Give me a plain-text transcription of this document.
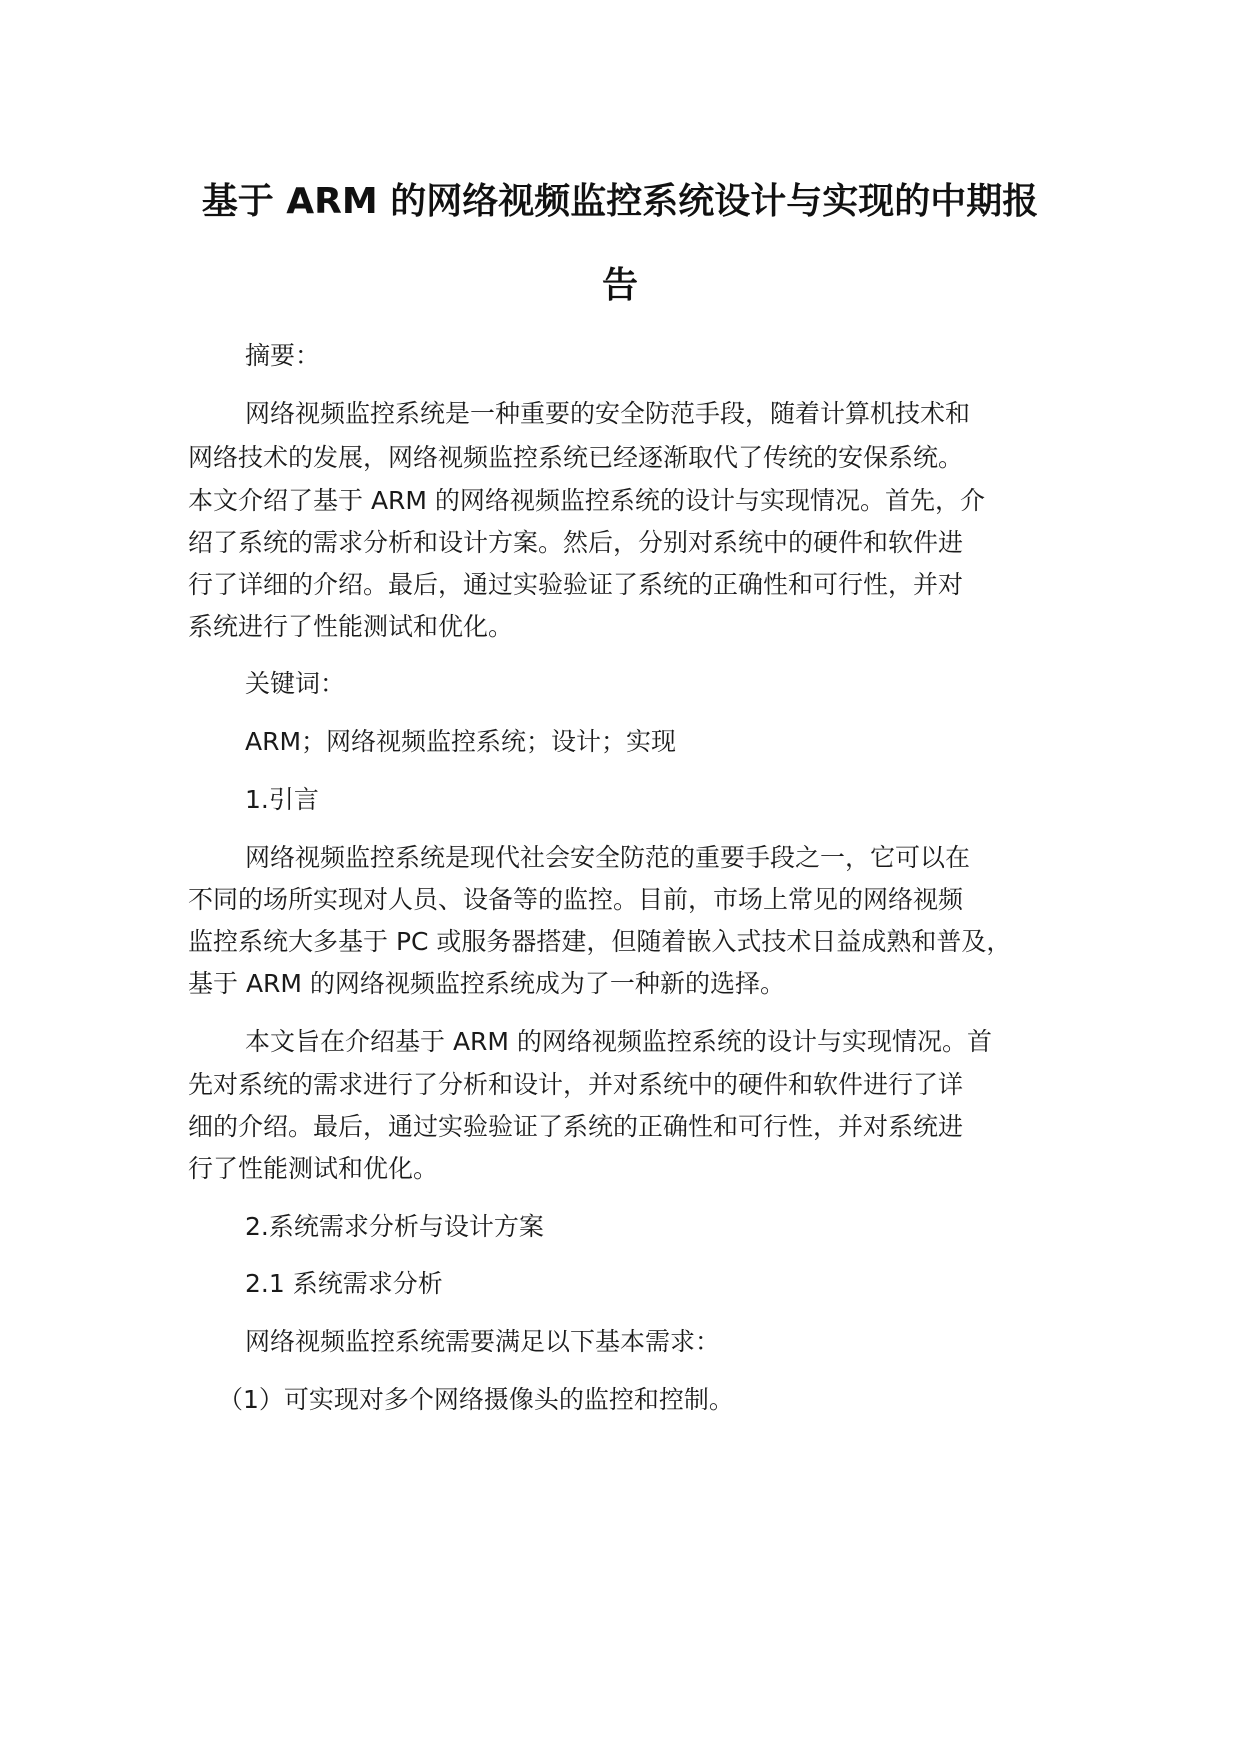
基于 ARM 的网络视频监控系统设计与实现的中期报
告
摘要：
网络视频监控系统是一种重要的安全防范手段，随着计算机技术和
网络技术的发展，网络视频监控系统已经逐渐取代了传统的安保系统。
本文介绍了基于 ARM 的网络视频监控系统的设计与实现情况。首先，介
绍了系统的需求分析和设计方案。然后，分别对系统中的硬件和软件进
行了详细的介绍。最后，通过实验验证了系统的正确性和可行性，并对
系统进行了性能测试和优化。
关键词：
ARM；网络视频监控系统；设计；实现
1.引言
网络视频监控系统是现代社会安全防范的重要手段之一，它可以在
不同的场所实现对人员、设备等的监控。目前，市场上常见的网络视频
监控系统大多基于 PC 或服务器搭建，但随着嵌入式技术日益成熟和普及，
基于 ARM 的网络视频监控系统成为了一种新的选择。
本文旨在介绍基于 ARM 的网络视频监控系统的设计与实现情况。首
先对系统的需求进行了分析和设计，并对系统中的硬件和软件进行了详
细的介绍。最后，通过实验验证了系统的正确性和可行性，并对系统进
行了性能测试和优化。
2.系统需求分析与设计方案
2.1 系统需求分析
网络视频监控系统需要满足以下基本需求：
（1）可实现对多个网络摄像头的监控和控制。
